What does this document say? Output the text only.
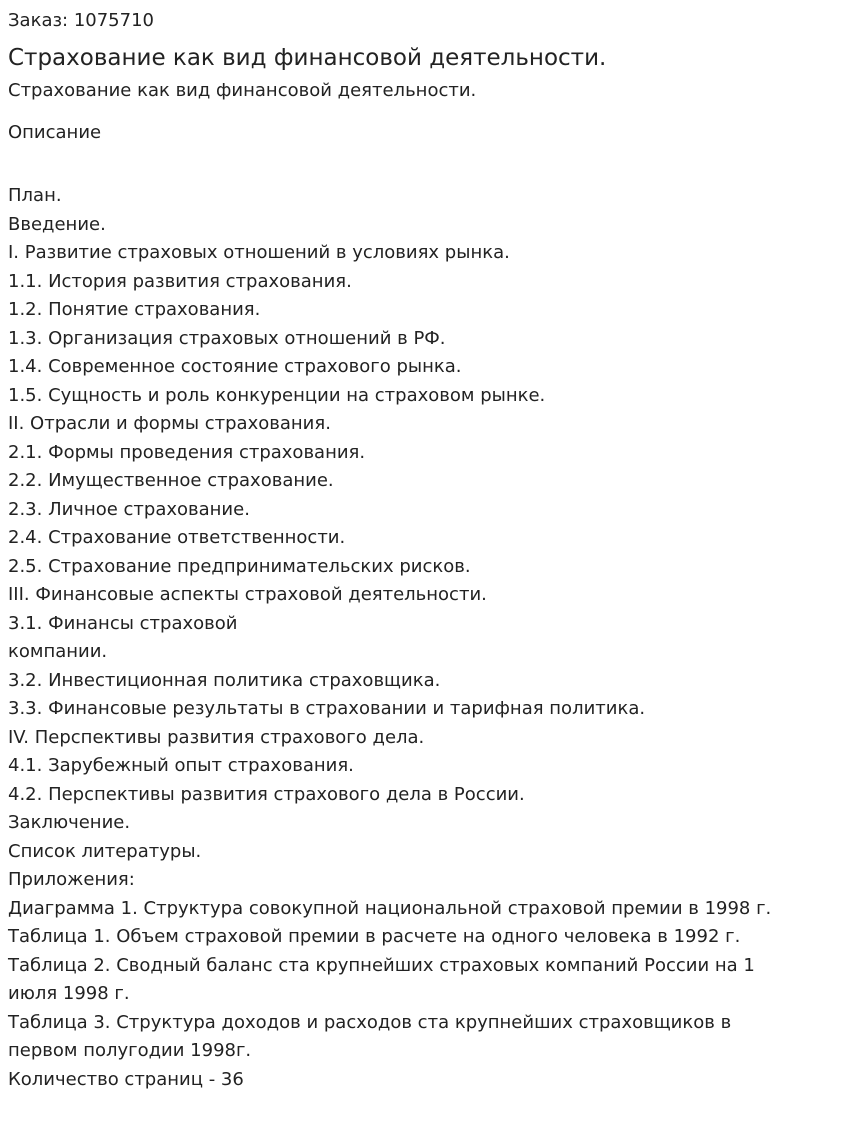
Заказ: 1075710

Страхование как вид финансовой деятельности.

Страхование как вид финансовой деятельности.

Описание

План.
Введение.
I. Развитие страховых отношений в условиях рынка.
1.1. История развития страхования.
1.2. Понятие страхования.
1.3. Организация страховых отношений в РФ.
1.4. Современное состояние страхового рынка.
1.5. Сущность и роль конкуренции на страховом рынке.
II. Отрасли и формы страхования.
2.1. Формы проведения страхования.
2.2. Имущественное страхование.
2.3. Личное страхование.
2.4. Страхование ответственности.
2.5. Страхование предпринимательских рисков.
III. Финансовые аспекты страховой деятельности.
3.1. Финансы страховой
компании.
3.2. Инвестиционная политика страховщика.
3.3. Финансовые результаты в страховании и тарифная политика.
IV. Перспективы развития страхового дела.
4.1. Зарубежный опыт страхования.
4.2. Перспективы развития страхового дела в России.
Заключение.
Список литературы.
Приложения:
Диаграмма 1. Структура совокупной национальной страховой премии в 1998 г.
Таблица 1. Объем страховой премии в расчете на одного человека в 1992 г.
Таблица 2. Сводный баланс ста крупнейших страховых компаний России на 1
июля 1998 г.
Таблица 3. Структура доходов и расходов ста крупнейших страховщиков в
первом полугодии 1998г.
Количество страниц - 36
